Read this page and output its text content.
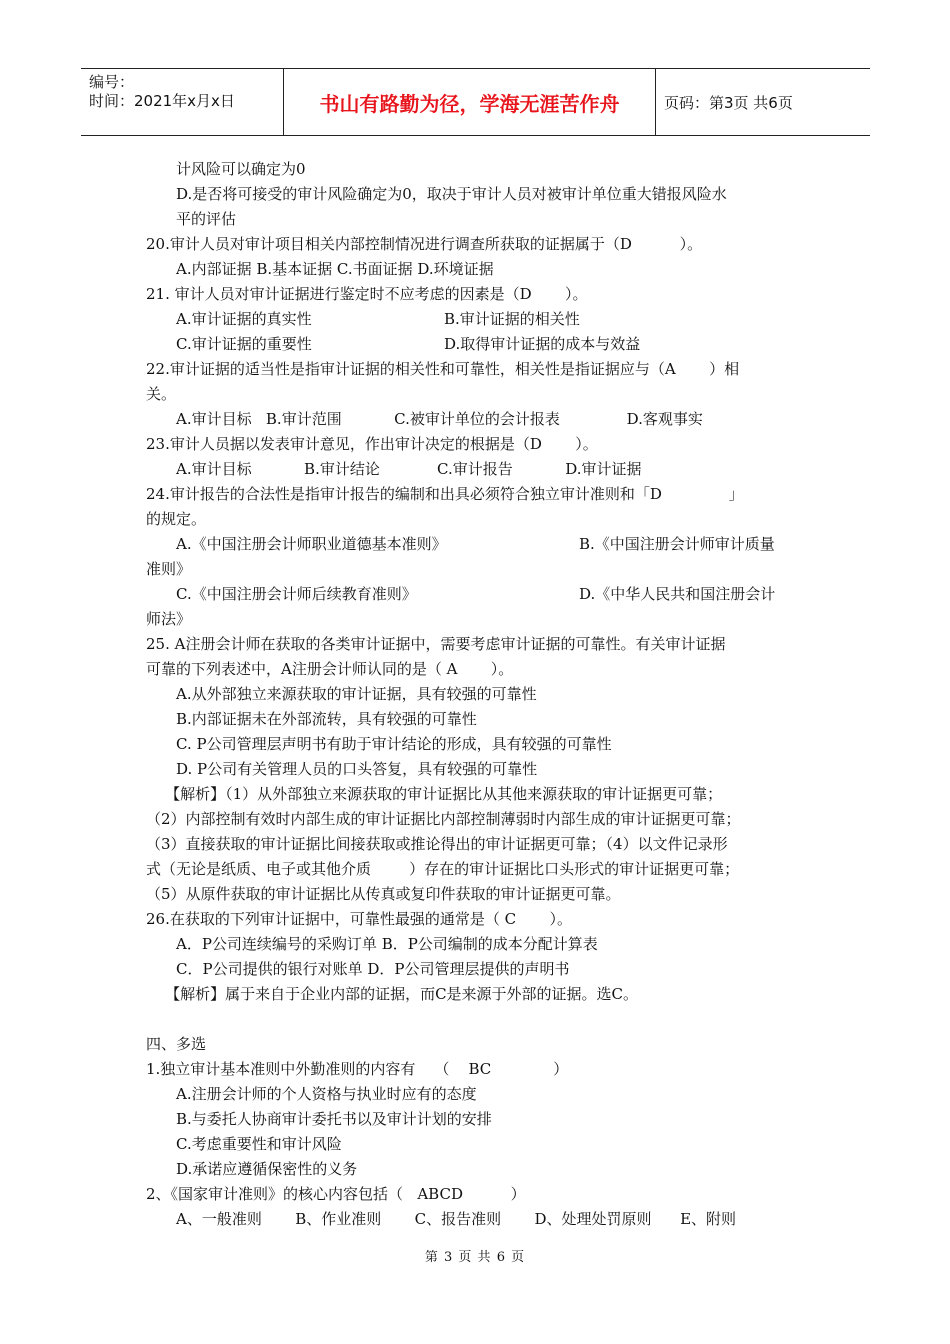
编号：
时间：2021年x月x日	书山有路勤为径，学海无涯苦作舟	页码：第3页 共6页
计风险可以确定为0
D.是否将可接受的审计风险确定为0，取决于审计人员对被审计单位重大错报风险水
平的评估
20.审计人员对审计项目相关内部控制情况进行调查所获取的证据属于（D          ）。
A.内部证据 B.基本证据 C.书面证据 D.环境证据
21. 审计人员对审计证据进行鉴定时不应考虑的因素是（D       ）。
A.审计证据的真实性	B.审计证据的相关性
C.审计证据的重要性	D.取得审计证据的成本与效益
22.审计证据的适当性是指审计证据的相关性和可靠性，相关性是指证据应与（A       ）相
关。
A.审计目标   B.审计范围           C.被审计单位的会计报表              D.客观事实
23.审计人员据以发表审计意见，作出审计决定的根据是（D       ）。
A.审计目标           B.审计结论            C.审计报告           D.审计证据
24.审计报告的合法性是指审计报告的编制和出具必须符合独立审计准则和「D              」
的规定。
A.《中国注册会计师职业道德基本准则》	B.《中国注册会计师审计质量
准则》
C.《中国注册会计师后续教育准则》	D.《中华人民共和国注册会计
师法》
25. A注册会计师在获取的各类审计证据中，需要考虑审计证据的可靠性。有关审计证据
可靠的下列表述中，A注册会计师认同的是（ A       ）。
A.从外部独立来源获取的审计证据，具有较强的可靠性
B.内部证据未在外部流转，具有较强的可靠性
C. P公司管理层声明书有助于审计结论的形成，具有较强的可靠性
D. P公司有关管理人员的口头答复，具有较强的可靠性
【解析】（1）从外部独立来源获取的审计证据比从其他来源获取的审计证据更可靠；
（2）内部控制有效时内部生成的审计证据比内部控制薄弱时内部生成的审计证据更可靠；
（3）直接获取的审计证据比间接获取或推论得出的审计证据更可靠；（4）以文件记录形
式（无论是纸质、电子或其他介质        ）存在的审计证据比口头形式的审计证据更可靠；
（5）从原件获取的审计证据比从传真或复印件获取的审计证据更可靠。
26.在获取的下列审计证据中，可靠性最强的通常是（ C       ）。
A．P公司连续编号的采购订单 B．P公司编制的成本分配计算表
C．P公司提供的银行对账单 D．P公司管理层提供的声明书
【解析】属于来自于企业内部的证据，而C是来源于外部的证据。选C。
四、多选
1.独立审计基本准则中外勤准则的内容有    （    BC             ）
A.注册会计师的个人资格与执业时应有的态度
B.与委托人协商审计委托书以及审计计划的安排
C.考虑重要性和审计风险
D.承诺应遵循保密性的义务
2、《国家审计准则》的核心内容包括（   ABCD          ）
A、一般准则       B、作业准则       C、报告准则       D、处理处罚原则      E、附则
第 3 页 共 6 页
